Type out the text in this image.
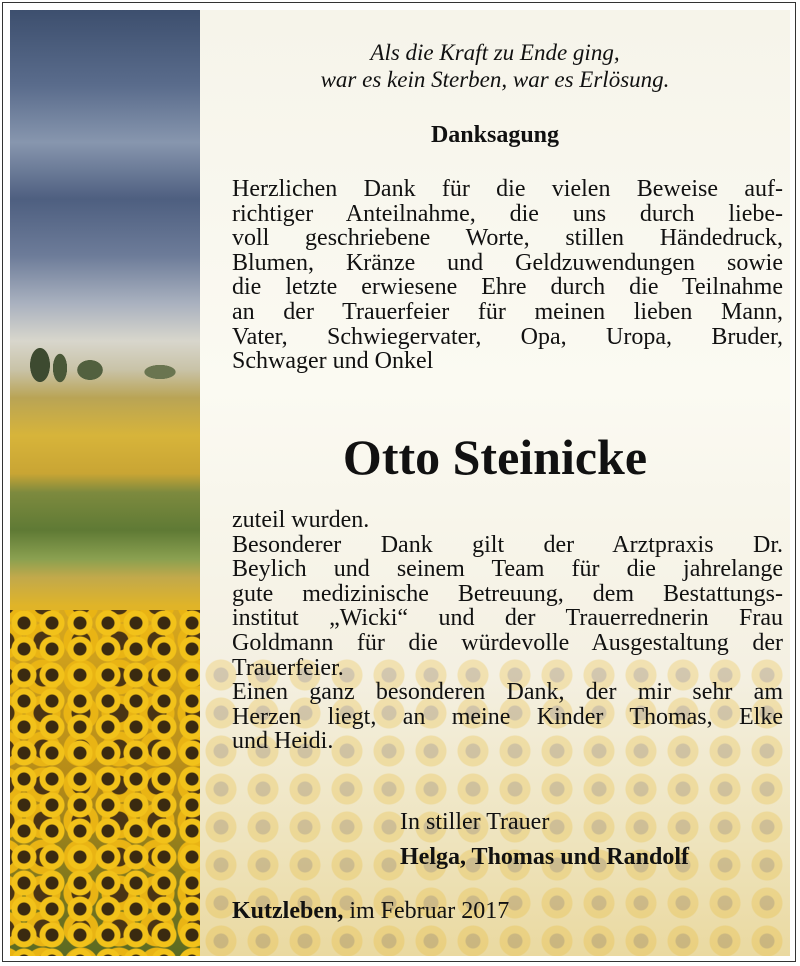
Als die Kraft zu Ende ging,
war es kein Sterben, war es Erlösung.
Danksagung
Herzlichen Dank für die vielen Beweise auf-
richtiger Anteilnahme, die uns durch liebe-
voll geschriebene Worte, stillen Händedruck,
Blumen, Kränze und Geldzuwendungen sowie
die letzte erwiesene Ehre durch die Teilnahme
an der Trauerfeier für meinen lieben Mann,
Vater, Schwiegervater, Opa, Uropa, Bruder,
Schwager und Onkel
Otto Steinicke
zuteil wurden.
Besonderer Dank gilt der Arztpraxis Dr.
Beylich und seinem Team für die jahrelange
gute medizinische Betreuung, dem Bestattungs-
institut „Wicki“ und der Trauerrednerin Frau
Goldmann für die würdevolle Ausgestaltung der
Trauerfeier.
Einen ganz besonderen Dank, der mir sehr am
Herzen liegt, an meine Kinder Thomas, Elke
und Heidi.
In stiller Trauer
Helga, Thomas und Randolf
Kutzleben, im Februar 2017
